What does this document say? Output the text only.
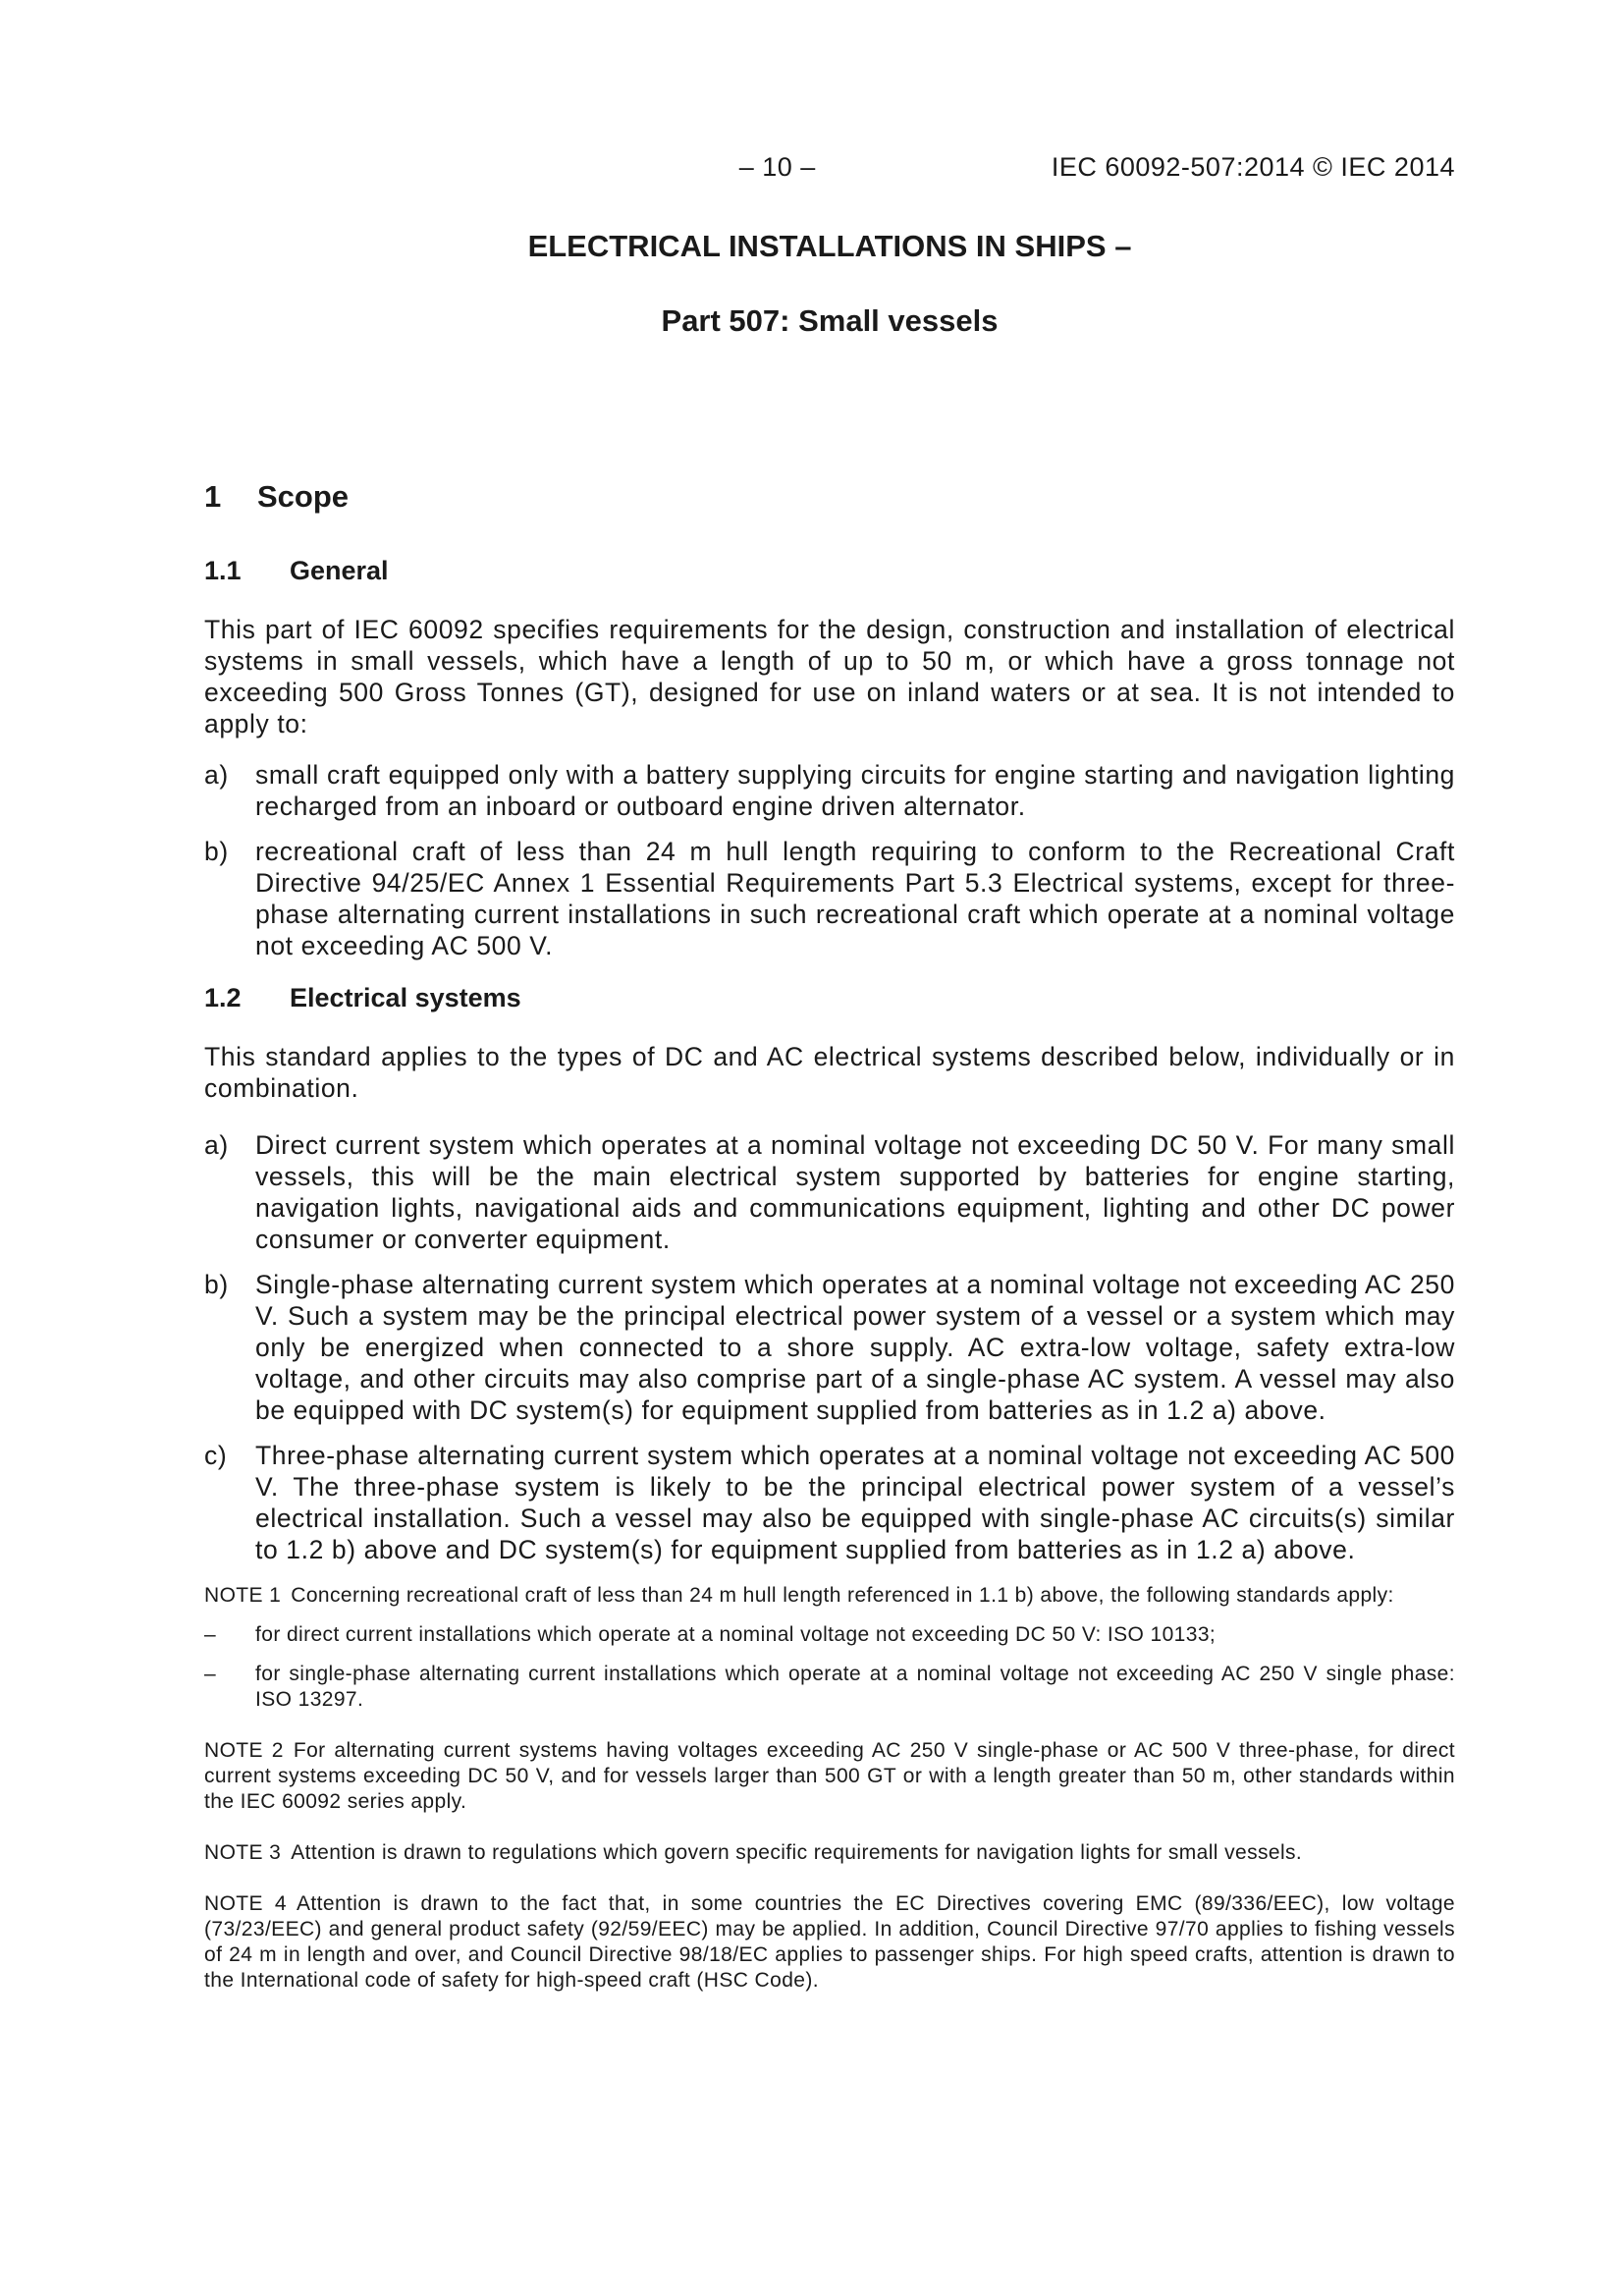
– 10 –	IEC 60092-507:2014 © IEC 2014
ELECTRICAL INSTALLATIONS IN SHIPS –
Part 507: Small vessels
1	Scope
1.1	General

This part of IEC 60092 specifies requirements for the design, construction and installation of electrical systems in small vessels, which have a length of up to 50 m, or which have a gross tonnage not exceeding 500 Gross Tonnes (GT), designed for use on inland waters or at sea. It is not intended to apply to:

a)	small craft equipped only with a battery supplying circuits for engine starting and navigation lighting recharged from an inboard or outboard engine driven alternator.
b)	recreational craft of less than 24 m hull length requiring to conform to the Recreational Craft Directive 94/25/EC Annex 1 Essential Requirements Part 5.3 Electrical systems, except for three-phase alternating current installations in such recreational craft which operate at a nominal voltage not exceeding AC 500 V.
1.2	Electrical systems

This standard applies to the types of DC and AC electrical systems described below, individually or in combination.

a)	Direct current system which operates at a nominal voltage not exceeding DC 50 V. For many small vessels, this will be the main electrical system supported by batteries for engine starting, navigation lights, navigational aids and communications equipment, lighting and other DC power consumer or converter equipment.
b)	Single-phase alternating current system which operates at a nominal voltage not exceeding AC 250 V. Such a system may be the principal electrical power system of a vessel or a system which may only be energized when connected to a shore supply. AC extra-low voltage, safety extra-low voltage, and other circuits may also comprise part of a single-phase AC system. A vessel may also be equipped with DC system(s) for equipment supplied from batteries as in 1.2 a) above.
c)	Three-phase alternating current system which operates at a nominal voltage not exceeding AC 500 V. The three-phase system is likely to be the principal electrical power system of a vessel’s electrical installation. Such a vessel may also be equipped with single-phase AC circuits(s) similar to 1.2 b) above and DC system(s) for equipment supplied from batteries as in 1.2 a) above.

NOTE 1 Concerning recreational craft of less than 24 m hull length referenced in 1.1 b) above, the following standards apply:

–	for direct current installations which operate at a nominal voltage not exceeding DC 50 V: ISO 10133;
–	for single-phase alternating current installations which operate at a nominal voltage not exceeding AC 250 V single phase: ISO 13297.

NOTE 2 For alternating current systems having voltages exceeding AC 250 V single-phase or AC 500 V three-phase, for direct current systems exceeding DC 50 V, and for vessels larger than 500 GT or with a length greater than 50 m, other standards within the IEC 60092 series apply.

NOTE 3 Attention is drawn to regulations which govern specific requirements for navigation lights for small vessels.

NOTE 4 Attention is drawn to the fact that, in some countries the EC Directives covering EMC (89/336/EEC), low voltage (73/23/EEC) and general product safety (92/59/EEC) may be applied. In addition, Council Directive 97/70 applies to fishing vessels of 24 m in length and over, and Council Directive 98/18/EC applies to passenger ships. For high speed crafts, attention is drawn to the International code of safety for high-speed craft (HSC Code).
